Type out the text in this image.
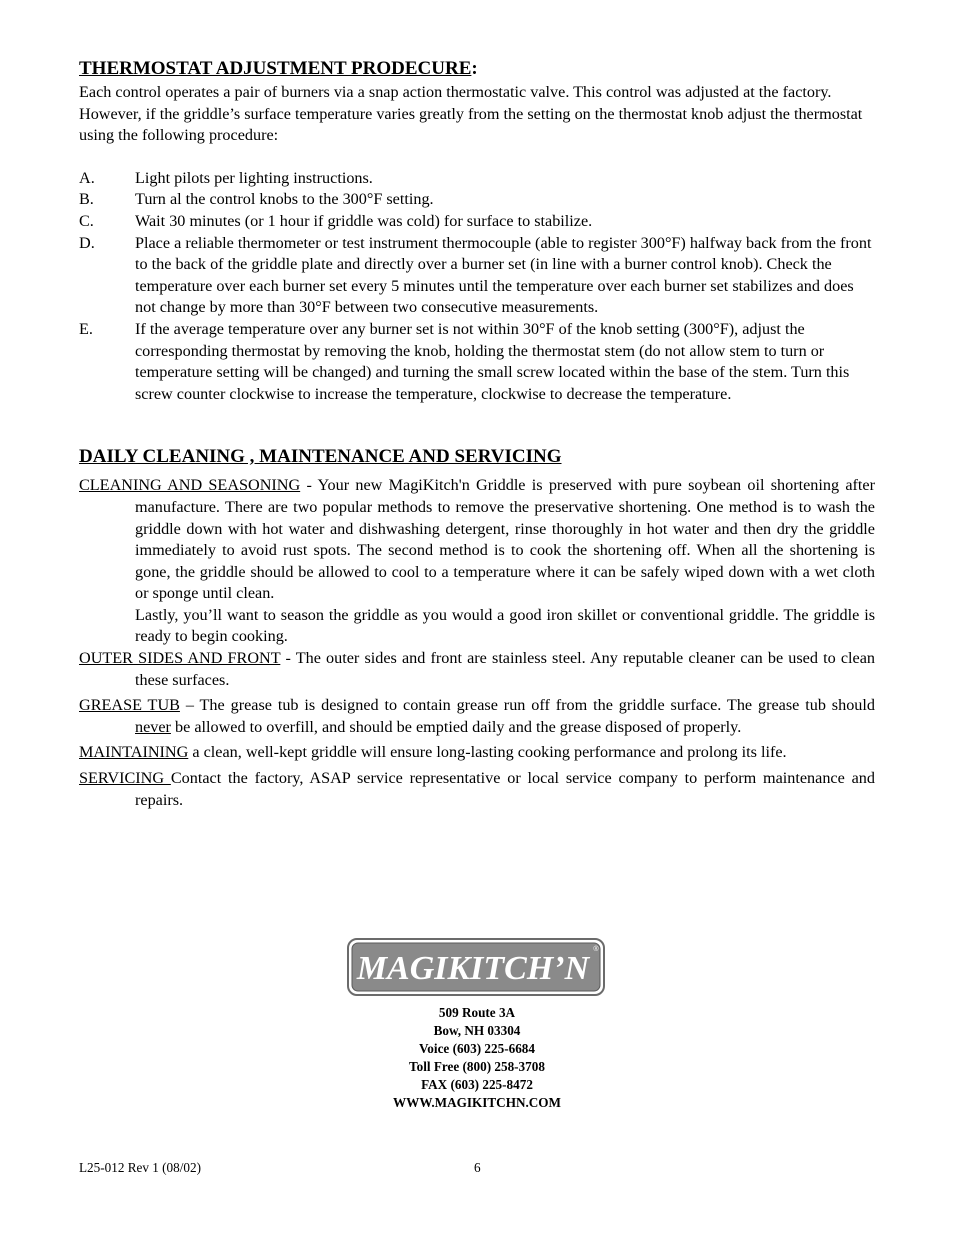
THERMOSTAT ADJUSTMENT PRODECURE:

Each control operates a pair of burners via a snap action thermostatic valve. This control was adjusted at the factory. However, if the griddle’s surface temperature varies greatly from the setting on the thermostat knob adjust the thermostat using the following procedure:

A.	Light pilots per lighting instructions.
B.	Turn al the control knobs to the 300°F setting.
C.	Wait 30 minutes (or 1 hour if griddle was cold) for surface to stabilize.
D.	Place a reliable thermometer or test instrument thermocouple (able to register 300°F) halfway back from the front to the back of the griddle plate and directly over a burner set (in line with a burner control knob). Check the temperature over each burner set every 5 minutes until the temperature over each burner set stabilizes and does not change by more than 30°F between two consecutive measurements.
E.	If the average temperature over any burner set is not within 30°F of the knob setting (300°F), adjust the corresponding thermostat by removing the knob, holding the thermostat stem (do not allow stem to turn or temperature setting will be changed) and turning the small screw located within the base of the stem. Turn this screw counter clockwise to increase the temperature, clockwise to decrease the temperature.
DAILY CLEANING , MAINTENANCE AND SERVICING

CLEANING AND SEASONING - Your new MagiKitch'n Griddle is preserved with pure soybean oil shortening after manufacture. There are two popular methods to remove the preservative shortening. One method is to wash the griddle down with hot water and dishwashing detergent, rinse thoroughly in hot water and then dry the griddle immediately to avoid rust spots. The second method is to cook the shortening off. When all the shortening is gone, the griddle should be allowed to cool to a temperature where it can be safely wiped down with a wet cloth or sponge until clean.

Lastly, you’ll want to season the griddle as you would a good iron skillet or conventional griddle. The griddle is ready to begin cooking.

OUTER SIDES AND FRONT - The outer sides and front are stainless steel. Any reputable cleaner can be used to clean these surfaces.

GREASE TUB – The grease tub is designed to contain grease run off from the griddle surface. The grease tub should never be allowed to overfill, and should be emptied daily and the grease disposed of properly.

MAINTAINING a clean, well-kept griddle will ensure long-lasting cooking performance and prolong its life.

SERVICING Contact the factory, ASAP service representative or local service company to perform maintenance and repairs.

MAGIKITCH’N
®
509 Route 3A
Bow, NH 03304
Voice (603) 225-6684
Toll Free (800) 258-3708
FAX (603) 225-8472
WWW.MAGIKITCHN.COM
L25-012 Rev 1 (08/02)	6
